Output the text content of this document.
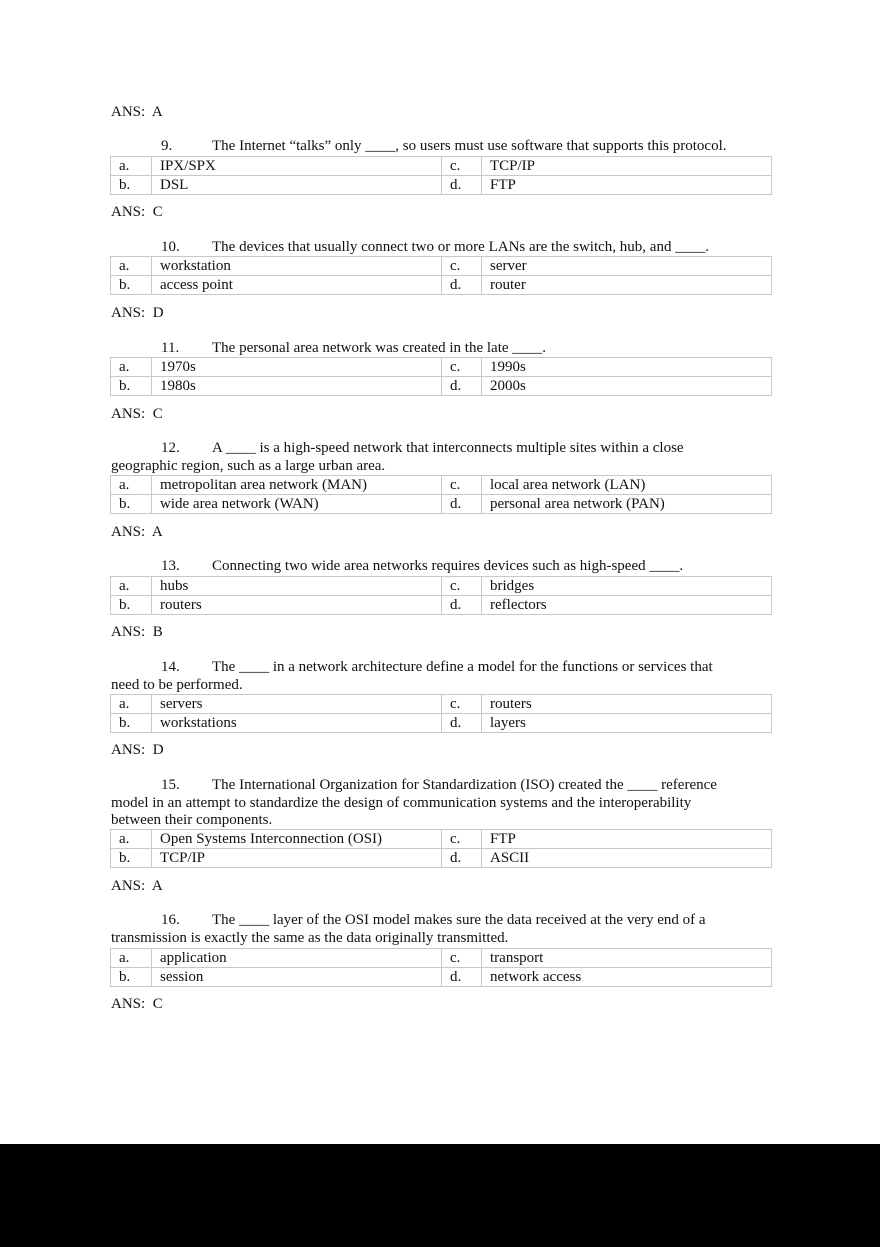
ANS: A
9.	The Internet “talks” only ____, so users must use software that supports this protocol.
a.	IPX/SPX	c.	TCP/IP
b.	DSL	d.	FTP
ANS: C
10. The devices that usually connect two or more LANs are the switch, hub, and ____.
a.	workstation	c.	server
b.	access point	d.	router
ANS: D
11. The personal area network was created in the late ____.
a.	1970s	c.	1990s
b.	1980s	d.	2000s
ANS: C
12. A ____ is a high-speed network that interconnects multiple sites within a close
geographic region, such as a large urban area.
a.	metropolitan area network (MAN)	c.	local area network (LAN)
b.	wide area network (WAN)	d.	personal area network (PAN)
ANS: A
13. Connecting two wide area networks requires devices such as high-speed ____.
a.	hubs	c.	bridges
b.	routers	d.	reflectors
ANS: B
14. The ____ in a network architecture define a model for the functions or services that
need to be performed.
a.	servers	c.	routers
b.	workstations	d.	layers
ANS: D
15. The International Organization for Standardization (ISO) created the ____ reference
model in an attempt to standardize the design of communication systems and the interoperability
between their components.
a.	Open Systems Interconnection (OSI)	c.	FTP
b.	TCP/IP	d.	ASCII
ANS: A
16. The ____ layer of the OSI model makes sure the data received at the very end of a
transmission is exactly the same as the data originally transmitted.
a.	application	c.	transport
b.	session	d.	network access
ANS: C
